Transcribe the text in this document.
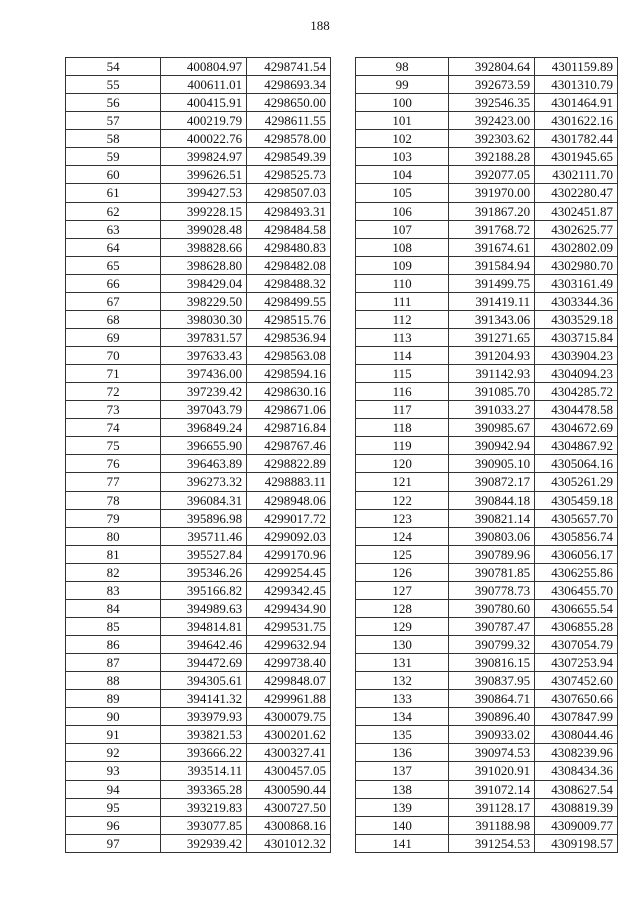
188
54	400804.97	4298741.54
55	400611.01	4298693.34
56	400415.91	4298650.00
57	400219.79	4298611.55
58	400022.76	4298578.00
59	399824.97	4298549.39
60	399626.51	4298525.73
61	399427.53	4298507.03
62	399228.15	4298493.31
63	399028.48	4298484.58
64	398828.66	4298480.83
65	398628.80	4298482.08
66	398429.04	4298488.32
67	398229.50	4298499.55
68	398030.30	4298515.76
69	397831.57	4298536.94
70	397633.43	4298563.08
71	397436.00	4298594.16
72	397239.42	4298630.16
73	397043.79	4298671.06
74	396849.24	4298716.84
75	396655.90	4298767.46
76	396463.89	4298822.89
77	396273.32	4298883.11
78	396084.31	4298948.06
79	395896.98	4299017.72
80	395711.46	4299092.03
81	395527.84	4299170.96
82	395346.26	4299254.45
83	395166.82	4299342.45
84	394989.63	4299434.90
85	394814.81	4299531.75
86	394642.46	4299632.94
87	394472.69	4299738.40
88	394305.61	4299848.07
89	394141.32	4299961.88
90	393979.93	4300079.75
91	393821.53	4300201.62
92	393666.22	4300327.41
93	393514.11	4300457.05
94	393365.28	4300590.44
95	393219.83	4300727.50
96	393077.85	4300868.16
97	392939.42	4301012.32
98	392804.64	4301159.89
99	392673.59	4301310.79
100	392546.35	4301464.91
101	392423.00	4301622.16
102	392303.62	4301782.44
103	392188.28	4301945.65
104	392077.05	4302111.70
105	391970.00	4302280.47
106	391867.20	4302451.87
107	391768.72	4302625.77
108	391674.61	4302802.09
109	391584.94	4302980.70
110	391499.75	4303161.49
111	391419.11	4303344.36
112	391343.06	4303529.18
113	391271.65	4303715.84
114	391204.93	4303904.23
115	391142.93	4304094.23
116	391085.70	4304285.72
117	391033.27	4304478.58
118	390985.67	4304672.69
119	390942.94	4304867.92
120	390905.10	4305064.16
121	390872.17	4305261.29
122	390844.18	4305459.18
123	390821.14	4305657.70
124	390803.06	4305856.74
125	390789.96	4306056.17
126	390781.85	4306255.86
127	390778.73	4306455.70
128	390780.60	4306655.54
129	390787.47	4306855.28
130	390799.32	4307054.79
131	390816.15	4307253.94
132	390837.95	4307452.60
133	390864.71	4307650.66
134	390896.40	4307847.99
135	390933.02	4308044.46
136	390974.53	4308239.96
137	391020.91	4308434.36
138	391072.14	4308627.54
139	391128.17	4308819.39
140	391188.98	4309009.77
141	391254.53	4309198.57
